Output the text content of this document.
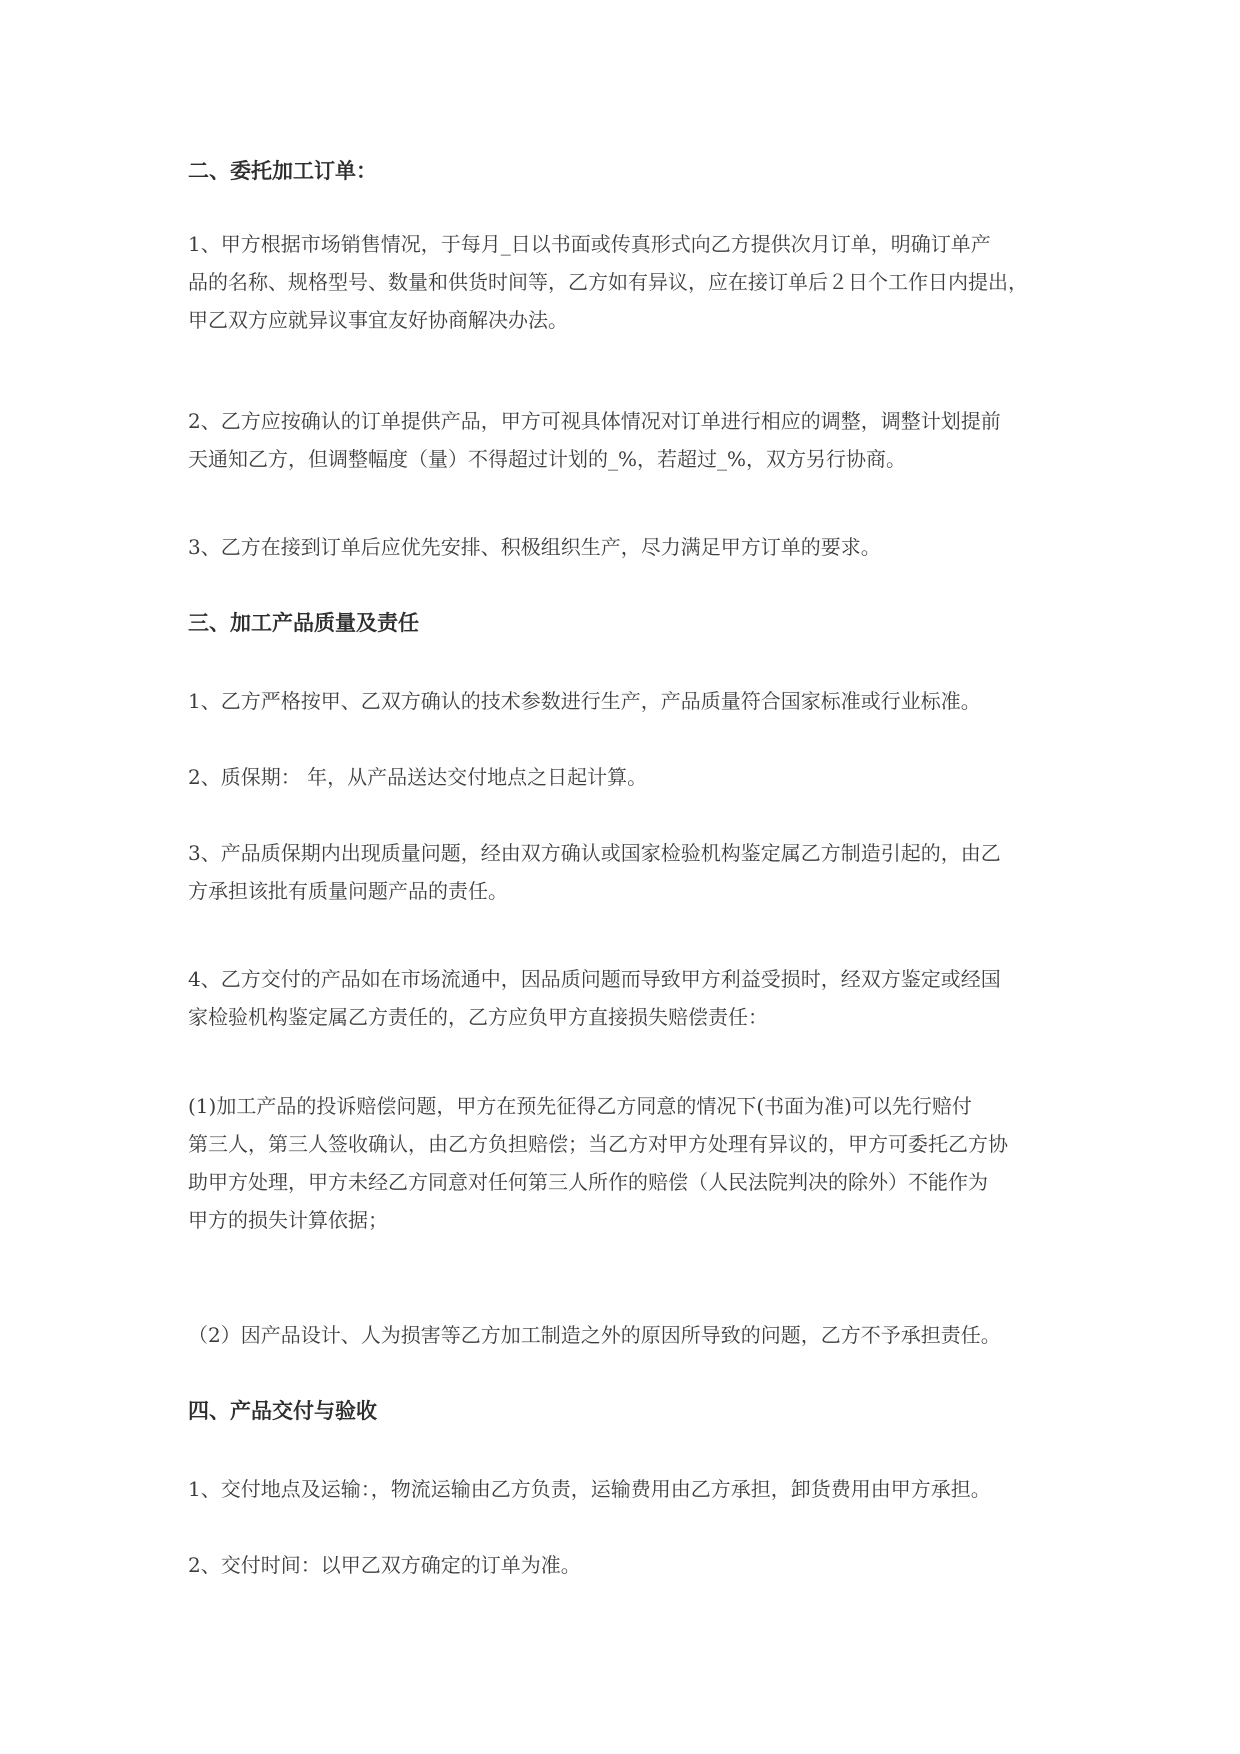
二、委托加工订单：

1、甲方根据市场销售情况，于每月_日以书面或传真形式向乙方提供次月订单，明确订单产
品的名称、规格型号、数量和供货时间等，乙方如有异议，应在接订单后２日个工作日内提出，
甲乙双方应就异议事宜友好协商解决办法。

2、乙方应按确认的订单提供产品，甲方可视具体情况对订单进行相应的调整，调整计划提前
天通知乙方，但调整幅度（量）不得超过计划的_%，若超过_%，双方另行协商。

3、乙方在接到订单后应优先安排、积极组织生产，尽力满足甲方订单的要求。

三、加工产品质量及责任

1、乙方严格按甲、乙双方确认的技术参数进行生产，产品质量符合国家标准或行业标准。

2、质保期： 年，从产品送达交付地点之日起计算。

3、产品质保期内出现质量问题，经由双方确认或国家检验机构鉴定属乙方制造引起的，由乙
方承担该批有质量问题产品的责任。

4、乙方交付的产品如在市场流通中，因品质问题而导致甲方利益受损时，经双方鉴定或经国
家检验机构鉴定属乙方责任的，乙方应负甲方直接损失赔偿责任：

(1)加工产品的投诉赔偿问题，甲方在预先征得乙方同意的情况下(书面为准)可以先行赔付
第三人，第三人签收确认，由乙方负担赔偿；当乙方对甲方处理有异议的，甲方可委托乙方协
助甲方处理，甲方未经乙方同意对任何第三人所作的赔偿（人民法院判决的除外）不能作为
甲方的损失计算依据；

（2）因产品设计、人为损害等乙方加工制造之外的原因所导致的问题，乙方不予承担责任。

四、产品交付与验收

1、交付地点及运输：，物流运输由乙方负责，运输费用由乙方承担，卸货费用由甲方承担。

2、交付时间：以甲乙双方确定的订单为准。
